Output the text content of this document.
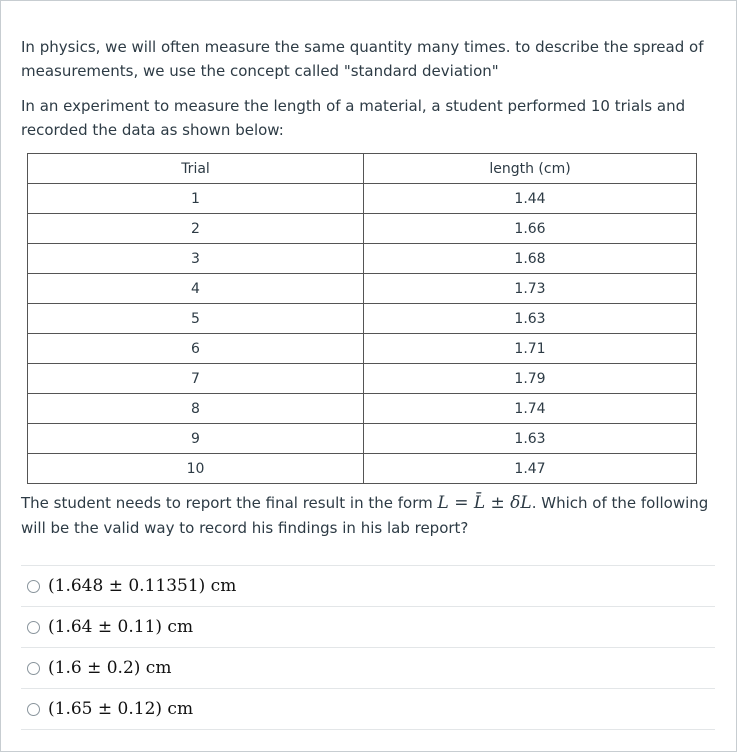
In physics, we will often measure the same quantity many times. to describe the spread of measurements, we use the concept called "standard deviation"
In an experiment to measure the length of a material, a student performed 10 trials and recorded the data as shown below:
Trial	length (cm)
1	1.44
2	1.66
3	1.68
4	1.73
5	1.63
6	1.71
7	1.79
8	1.74
9	1.63
10	1.47
The student needs to report the final result in the form L = L̄ ± δL. Which of the following will be the valid way to record his findings in his lab report?
(1.648 ± 0.11351) cm
(1.64 ± 0.11) cm
(1.6 ± 0.2) cm
(1.65 ± 0.12) cm
